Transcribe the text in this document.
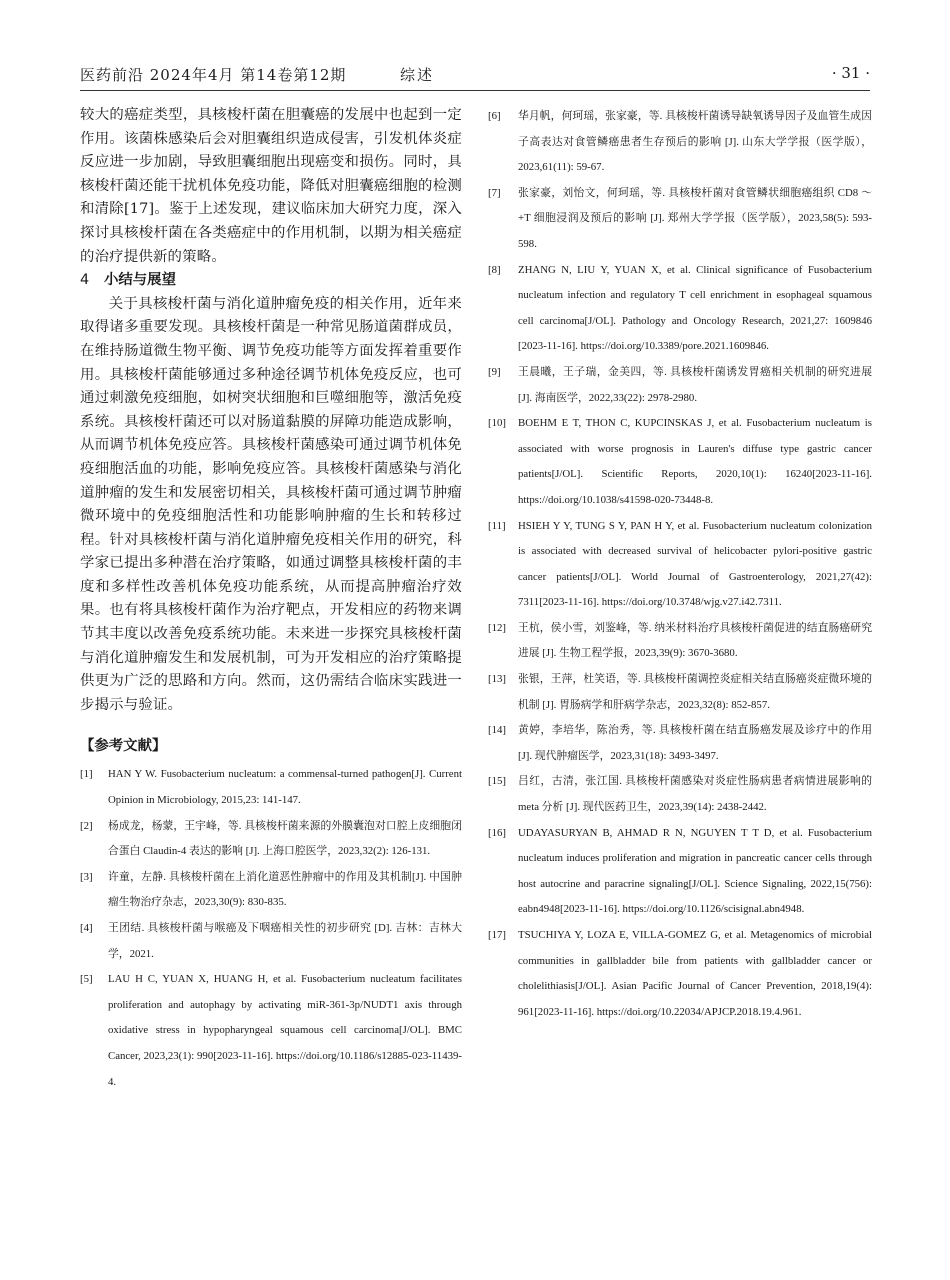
医药前沿 2024年4月 第14卷第12期	综述	· 31 ·

较大的癌症类型，具核梭杆菌在胆囊癌的发展中也起到一定作用。该菌株感染后会对胆囊组织造成侵害，引发机体炎症反应进一步加剧，导致胆囊细胞出现癌变和损伤。同时，具核梭杆菌还能干扰机体免疫功能，降低对胆囊癌细胞的检测和清除[17]。鉴于上述发现，建议临床加大研究力度，深入探讨具核梭杆菌在各类癌症中的作用机制，以期为相关癌症的治疗提供新的策略。

4 小结与展望

关于具核梭杆菌与消化道肿瘤免疫的相关作用，近年来取得诸多重要发现。具核梭杆菌是一种常见肠道菌群成员，在维持肠道微生物平衡、调节免疫功能等方面发挥着重要作用。具核梭杆菌能够通过多种途径调节机体免疫反应，也可通过刺激免疫细胞，如树突状细胞和巨噬细胞等，激活免疫系统。具核梭杆菌还可以对肠道黏膜的屏障功能造成影响，从而调节机体免疫应答。具核梭杆菌感染可通过调节机体免疫细胞活血的功能，影响免疫应答。具核梭杆菌感染与消化道肿瘤的发生和发展密切相关，具核梭杆菌可通过调节肿瘤微环境中的免疫细胞活性和功能影响肿瘤的生长和转移过程。针对具核梭杆菌与消化道肿瘤免疫相关作用的研究，科学家已提出多种潜在治疗策略，如通过调整具核梭杆菌的丰度和多样性改善机体免疫功能系统，从而提高肿瘤治疗效果。也有将具核梭杆菌作为治疗靶点，开发相应的药物来调节其丰度以改善免疫系统功能。未来进一步探究具核梭杆菌与消化道肿瘤发生和发展机制，可为开发相应的治疗策略提供更为广泛的思路和方向。然而，这仍需结合临床实践进一步揭示与验证。

【参考文献】
[1] HAN Y W. Fusobacterium nucleatum: a commensal-turned pathogen[J]. Current Opinion in Microbiology, 2015,23: 141-147.
[2] 杨成龙，杨蒙，王宇峰，等. 具核梭杆菌来源的外膜囊泡对口腔上皮细胞闭合蛋白 Claudin-4 表达的影响 [J]. 上海口腔医学，2023,32(2): 126-131.
[3] 许童，左静. 具核梭杆菌在上消化道恶性肿瘤中的作用及其机制[J]. 中国肿瘤生物治疗杂志，2023,30(9): 830-835.
[4] 王团结. 具核梭杆菌与喉癌及下咽癌相关性的初步研究 [D]. 吉林：吉林大学，2021.
[5] LAU H C, YUAN X, HUANG H, et al. Fusobacterium nucleatum facilitates proliferation and autophagy by activating miR-361-3p/NUDT1 axis through oxidative stress in hypopharyngeal squamous cell carcinoma[J/OL]. BMC Cancer, 2023,23(1): 990[2023-11-16]. https://doi.org/10.1186/s12885-023-11439-4.
[6] 华月帆，何珂瑶，张家豪，等. 具核梭杆菌诱导缺氧诱导因子及血管生成因子高表达对食管鳞癌患者生存预后的影响 [J]. 山东大学学报（医学版），2023,61(11): 59-67.
[7] 张家豪，刘怡文，何珂瑶，等. 具核梭杆菌对食管鳞状细胞癌组织 CD8 ～ +T 细胞浸润及预后的影响 [J]. 郑州大学学报（医学版），2023,58(5): 593-598.
[8] ZHANG N, LIU Y, YUAN X, et al. Clinical significance of Fusobacterium nucleatum infection and regulatory T cell enrichment in esophageal squamous cell carcinoma[J/OL]. Pathology and Oncology Research, 2021,27: 1609846 [2023-11-16]. https://doi.org/10.3389/pore.2021.1609846.
[9] 王晨曦，王子瑞，金美四，等. 具核梭杆菌诱发胃癌相关机制的研究进展 [J]. 海南医学，2022,33(22): 2978-2980.
[10] BOEHM E T, THON C, KUPCINSKAS J, et al. Fusobacterium nucleatum is associated with worse prognosis in Lauren's diffuse type gastric cancer patients[J/OL]. Scientific Reports, 2020,10(1): 16240[2023-11-16]. https://doi.org/10.1038/s41598-020-73448-8.
[11] HSIEH Y Y, TUNG S Y, PAN H Y, et al. Fusobacterium nucleatum colonization is associated with decreased survival of helicobacter pylori-positive gastric cancer patients[J/OL]. World Journal of Gastroenterology, 2021,27(42): 7311[2023-11-16]. https://doi.org/10.3748/wjg.v27.i42.7311.
[12] 王杭，侯小雪，刘鉴峰，等. 纳米材料治疗具核梭杆菌促进的结直肠癌研究进展 [J]. 生物工程学报，2023,39(9): 3670-3680.
[13] 张银，王萍，杜笑语，等. 具核梭杆菌调控炎症相关结直肠癌炎症微环境的机制 [J]. 胃肠病学和肝病学杂志，2023,32(8): 852-857.
[14] 黄婷，李培华，陈治秀，等. 具核梭杆菌在结直肠癌发展及诊疗中的作用 [J]. 现代肿瘤医学，2023,31(18): 3493-3497.
[15] 吕红，古清，张江国. 具核梭杆菌感染对炎症性肠病患者病情进展影响的 meta 分析 [J]. 现代医药卫生，2023,39(14): 2438-2442.
[16] UDAYASURYAN B, AHMAD R N, NGUYEN T T D, et al. Fusobacterium nucleatum induces proliferation and migration in pancreatic cancer cells through host autocrine and paracrine signaling[J/OL]. Science Signaling, 2022,15(756): eabn4948[2023-11-16]. https://doi.org/10.1126/scisignal.abn4948.
[17] TSUCHIYA Y, LOZA E, VILLA-GOMEZ G, et al. Metagenomics of microbial communities in gallbladder bile from patients with gallbladder cancer or cholelithiasis[J/OL]. Asian Pacific Journal of Cancer Prevention, 2018,19(4): 961[2023-11-16]. https://doi.org/10.22034/APJCP.2018.19.4.961.
